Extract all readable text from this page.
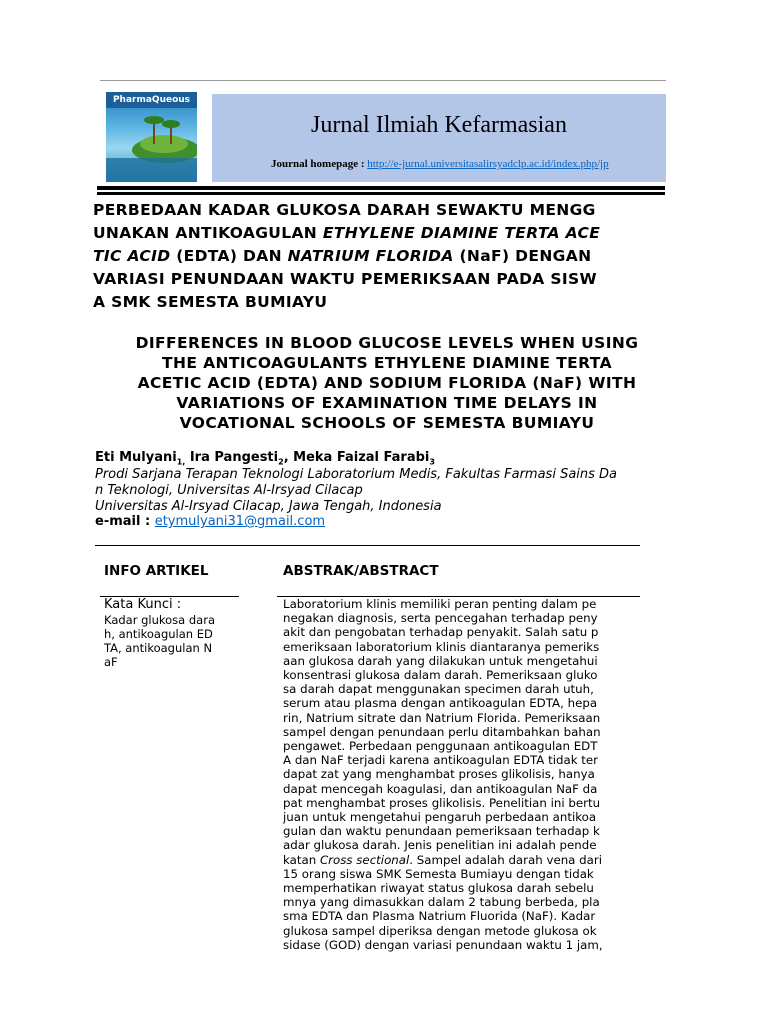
PharmaQueous
Jurnal Ilmiah Kefarmasian
Journal homepage : http://e-jurnal.universitasalirsyadclp.ac.id/index.php/jp
PERBEDAAN KADAR GLUKOSA DARAH SEWAKTU MENGG
UNAKAN ANTIKOAGULAN ETHYLENE DIAMINE TERTA ACE
TIC ACID (EDTA) DAN NATRIUM FLORIDA (NaF) DENGAN
VARIASI PENUNDAAN WAKTU PEMERIKSAAN PADA SISW
A SMK SEMESTA BUMIAYU
DIFFERENCES IN BLOOD GLUCOSE LEVELS WHEN USING
THE ANTICOAGULANTS ETHYLENE DIAMINE TERTA
ACETIC ACID (EDTA) AND SODIUM FLORIDA (NaF) WITH
VARIATIONS OF EXAMINATION TIME DELAYS IN
VOCATIONAL SCHOOLS OF SEMESTA BUMIAYU
Eti Mulyani$_{1,}$ Ira Pangesti$_2$, Meka Faizal Farabi$_3$
Prodi Sarjana Terapan Teknologi Laboratorium Medis, Fakultas Farmasi Sains Da
n Teknologi, Universitas Al-Irsyad Cilacap
Universitas Al-Irsyad Cilacap, Jawa Tengah, Indonesia
e-mail : etymulyani31@gmail.com
INFO ARTIKEL	ABSTRAK/ABSTRACT
Kata Kunci :
Kadar glukosa dara
h, antikoagulan ED
TA, antikoagulan N
aF
Laboratorium klinis memiliki peran penting dalam pe
negakan diagnosis, serta pencegahan terhadap peny
akit dan pengobatan terhadap penyakit. Salah satu p
emeriksaan laboratorium klinis diantaranya pemeriks
aan glukosa darah yang dilakukan untuk mengetahui
konsentrasi glukosa dalam darah. Pemeriksaan gluko
sa darah dapat menggunakan specimen darah utuh,
serum atau plasma dengan antikoagulan EDTA, hepa
rin, Natrium sitrate dan Natrium Florida. Pemeriksaan
sampel dengan penundaan perlu ditambahkan bahan
pengawet. Perbedaan penggunaan antikoagulan EDT
A dan NaF terjadi karena antikoagulan EDTA tidak ter
dapat zat yang menghambat proses glikolisis, hanya
dapat mencegah koagulasi, dan antikoagulan NaF da
pat menghambat proses glikolisis. Penelitian ini bertu
juan untuk mengetahui pengaruh perbedaan antikoa
gulan dan waktu penundaan pemeriksaan terhadap k
adar glukosa darah. Jenis penelitian ini adalah pende
katan Cross sectional. Sampel adalah darah vena dari
15 orang siswa SMK Semesta Bumiayu dengan tidak
memperhatikan riwayat status glukosa darah sebelu
mnya yang dimasukkan dalam 2 tabung berbeda, pla
sma EDTA dan Plasma Natrium Fluorida (NaF). Kadar
glukosa sampel diperiksa dengan metode glukosa ok
sidase (GOD) dengan variasi penundaan waktu 1 jam,
